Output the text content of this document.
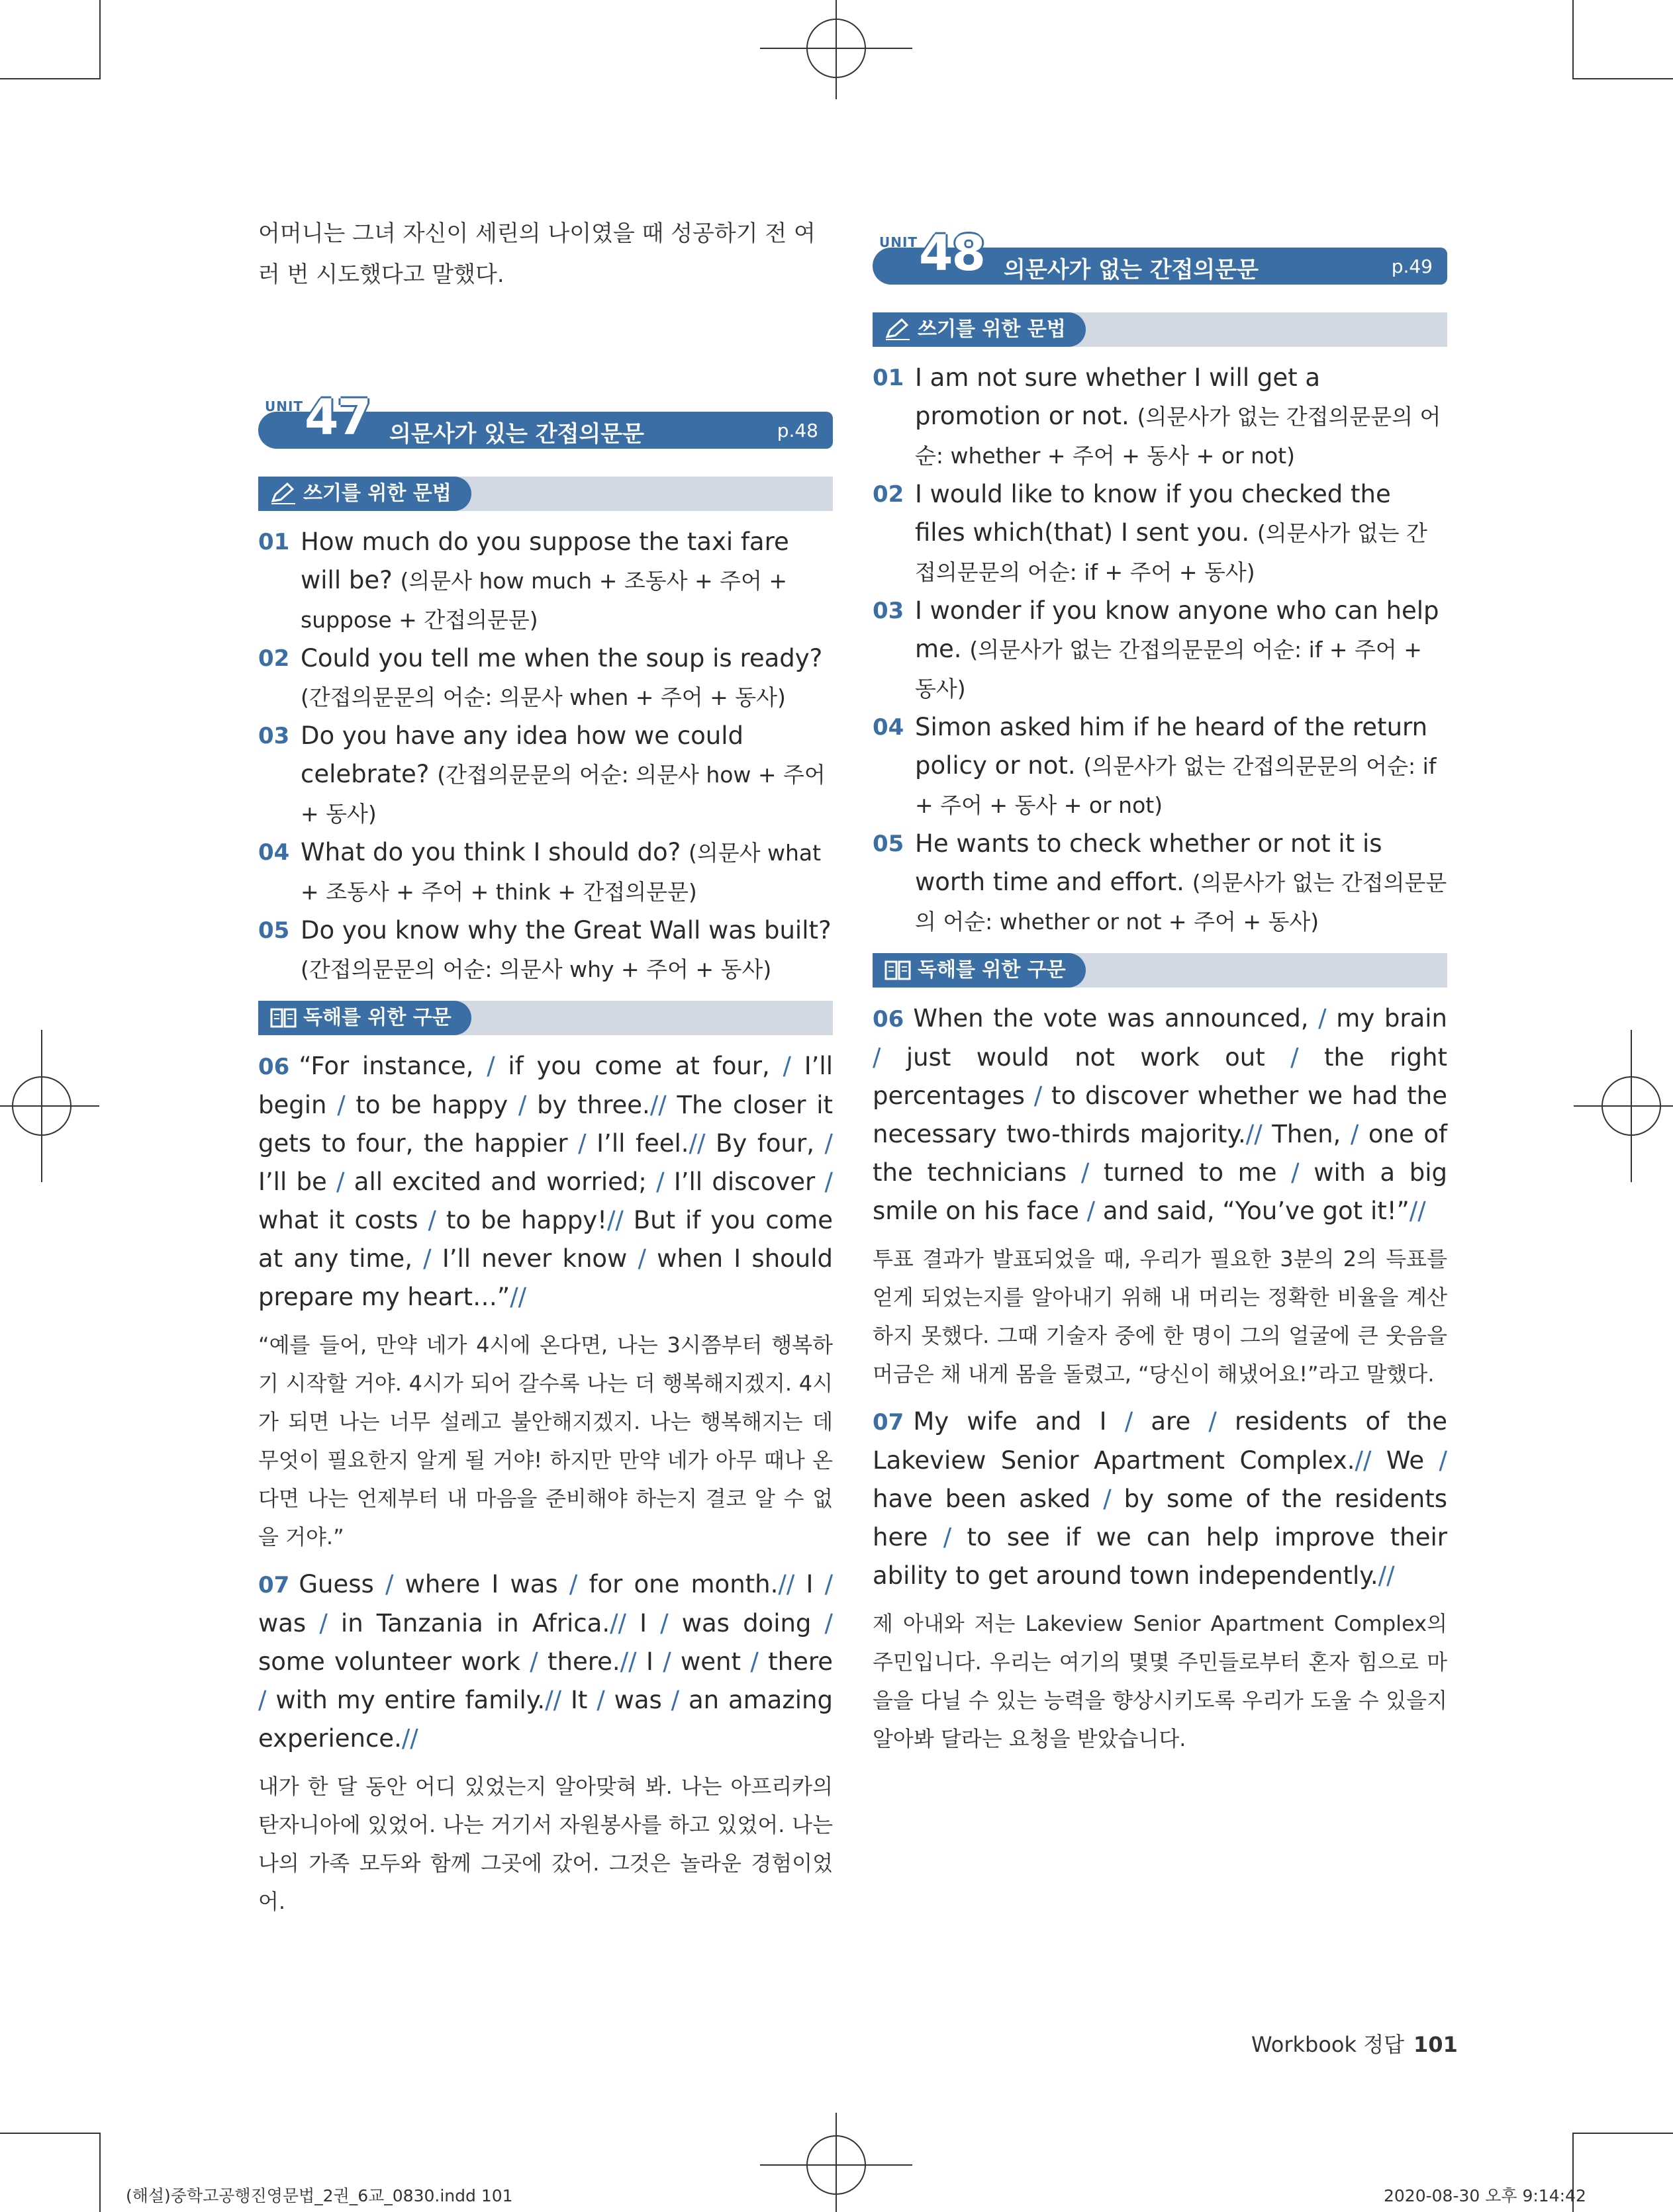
어머니는 그녀 자신이 세린의 나이였을 때 성공하기 전 여러 번 시도했다고 말했다.
UNIT 47 의문사가 있는 간접의문문	p.48
쓰기를 위한 문법
01 How much do you suppose the taxi fare will be? (의문사 how much + 조동사 + 주어 + suppose + 간접의문문)
02 Could you tell me when the soup is ready? (간접의문문의 어순: 의문사 when + 주어 + 동사)
03 Do you have any idea how we could celebrate? (간접의문문의 어순: 의문사 how + 주어 + 동사)
04 What do you think I should do? (의문사 what + 조동사 + 주어 + think + 간접의문문)
05 Do you know why the Great Wall was built? (간접의문문의 어순: 의문사 why + 주어 + 동사)
독해를 위한 구문
06 “For instance, / if you come at four, / I’ll begin / to be happy / by three.// The closer it gets to four, the happier / I’ll feel.// By four, / I’ll be / all excited and worried; / I’ll discover / what it costs / to be happy!// But if you come at any time, / I’ll never know / when I should prepare my heart…”//
“예를 들어, 만약 네가 4시에 온다면, 나는 3시쯤부터 행복하기 시작할 거야. 4시가 되어 갈수록 나는 더 행복해지겠지. 4시가 되면 나는 너무 설레고 불안해지겠지. 나는 행복해지는 데 무엇이 필요한지 알게 될 거야! 하지만 만약 네가 아무 때나 온다면 나는 언제부터 내 마음을 준비해야 하는지 결코 알 수 없을 거야.”
07 Guess / where I was / for one month.// I / was / in Tanzania in Africa.// I / was doing / some volunteer work / there.// I / went / there / with my entire family.// It / was / an amazing experience.//
내가 한 달 동안 어디 있었는지 알아맞혀 봐. 나는 아프리카의 탄자니아에 있었어. 나는 거기서 자원봉사를 하고 있었어. 나는 나의 가족 모두와 함께 그곳에 갔어. 그것은 놀라운 경험이었어.
UNIT 48 의문사가 없는 간접의문문	p.49
쓰기를 위한 문법
01 I am not sure whether I will get a promotion or not. (의문사가 없는 간접의문문의 어순: whether + 주어 + 동사 + or not)
02 I would like to know if you checked the files which(that) I sent you. (의문사가 없는 간접의문문의 어순: if + 주어 + 동사)
03 I wonder if you know anyone who can help me. (의문사가 없는 간접의문문의 어순: if + 주어 + 동사)
04 Simon asked him if he heard of the return policy or not. (의문사가 없는 간접의문문의 어순: if + 주어 + 동사 + or not)
05 He wants to check whether or not it is worth time and effort. (의문사가 없는 간접의문문의 어순: whether or not + 주어 + 동사)
독해를 위한 구문
06 When the vote was announced, / my brain / just would not work out / the right percentages / to discover whether we had the necessary two-thirds majority.// Then, / one of the technicians / turned to me / with a big smile on his face / and said, “You’ve got it!”//
투표 결과가 발표되었을 때, 우리가 필요한 3분의 2의 득표를 얻게 되었는지를 알아내기 위해 내 머리는 정확한 비율을 계산하지 못했다. 그때 기술자 중에 한 명이 그의 얼굴에 큰 웃음을 머금은 채 내게 몸을 돌렸고, “당신이 해냈어요!”라고 말했다.
07 My wife and I / are / residents of the Lakeview Senior Apartment Complex.// We / have been asked / by some of the residents here / to see if we can help improve their ability to get around town independently.//
제 아내와 저는 Lakeview Senior Apartment Complex의 주민입니다. 우리는 여기의 몇몇 주민들로부터 혼자 힘으로 마을을 다닐 수 있는 능력을 향상시키도록 우리가 도울 수 있을지 알아봐 달라는 요청을 받았습니다.
Workbook 정답 101
(해설)중학고공행진영문법_2권_6교_0830.indd 101	2020-08-30 오후 9:14:42
